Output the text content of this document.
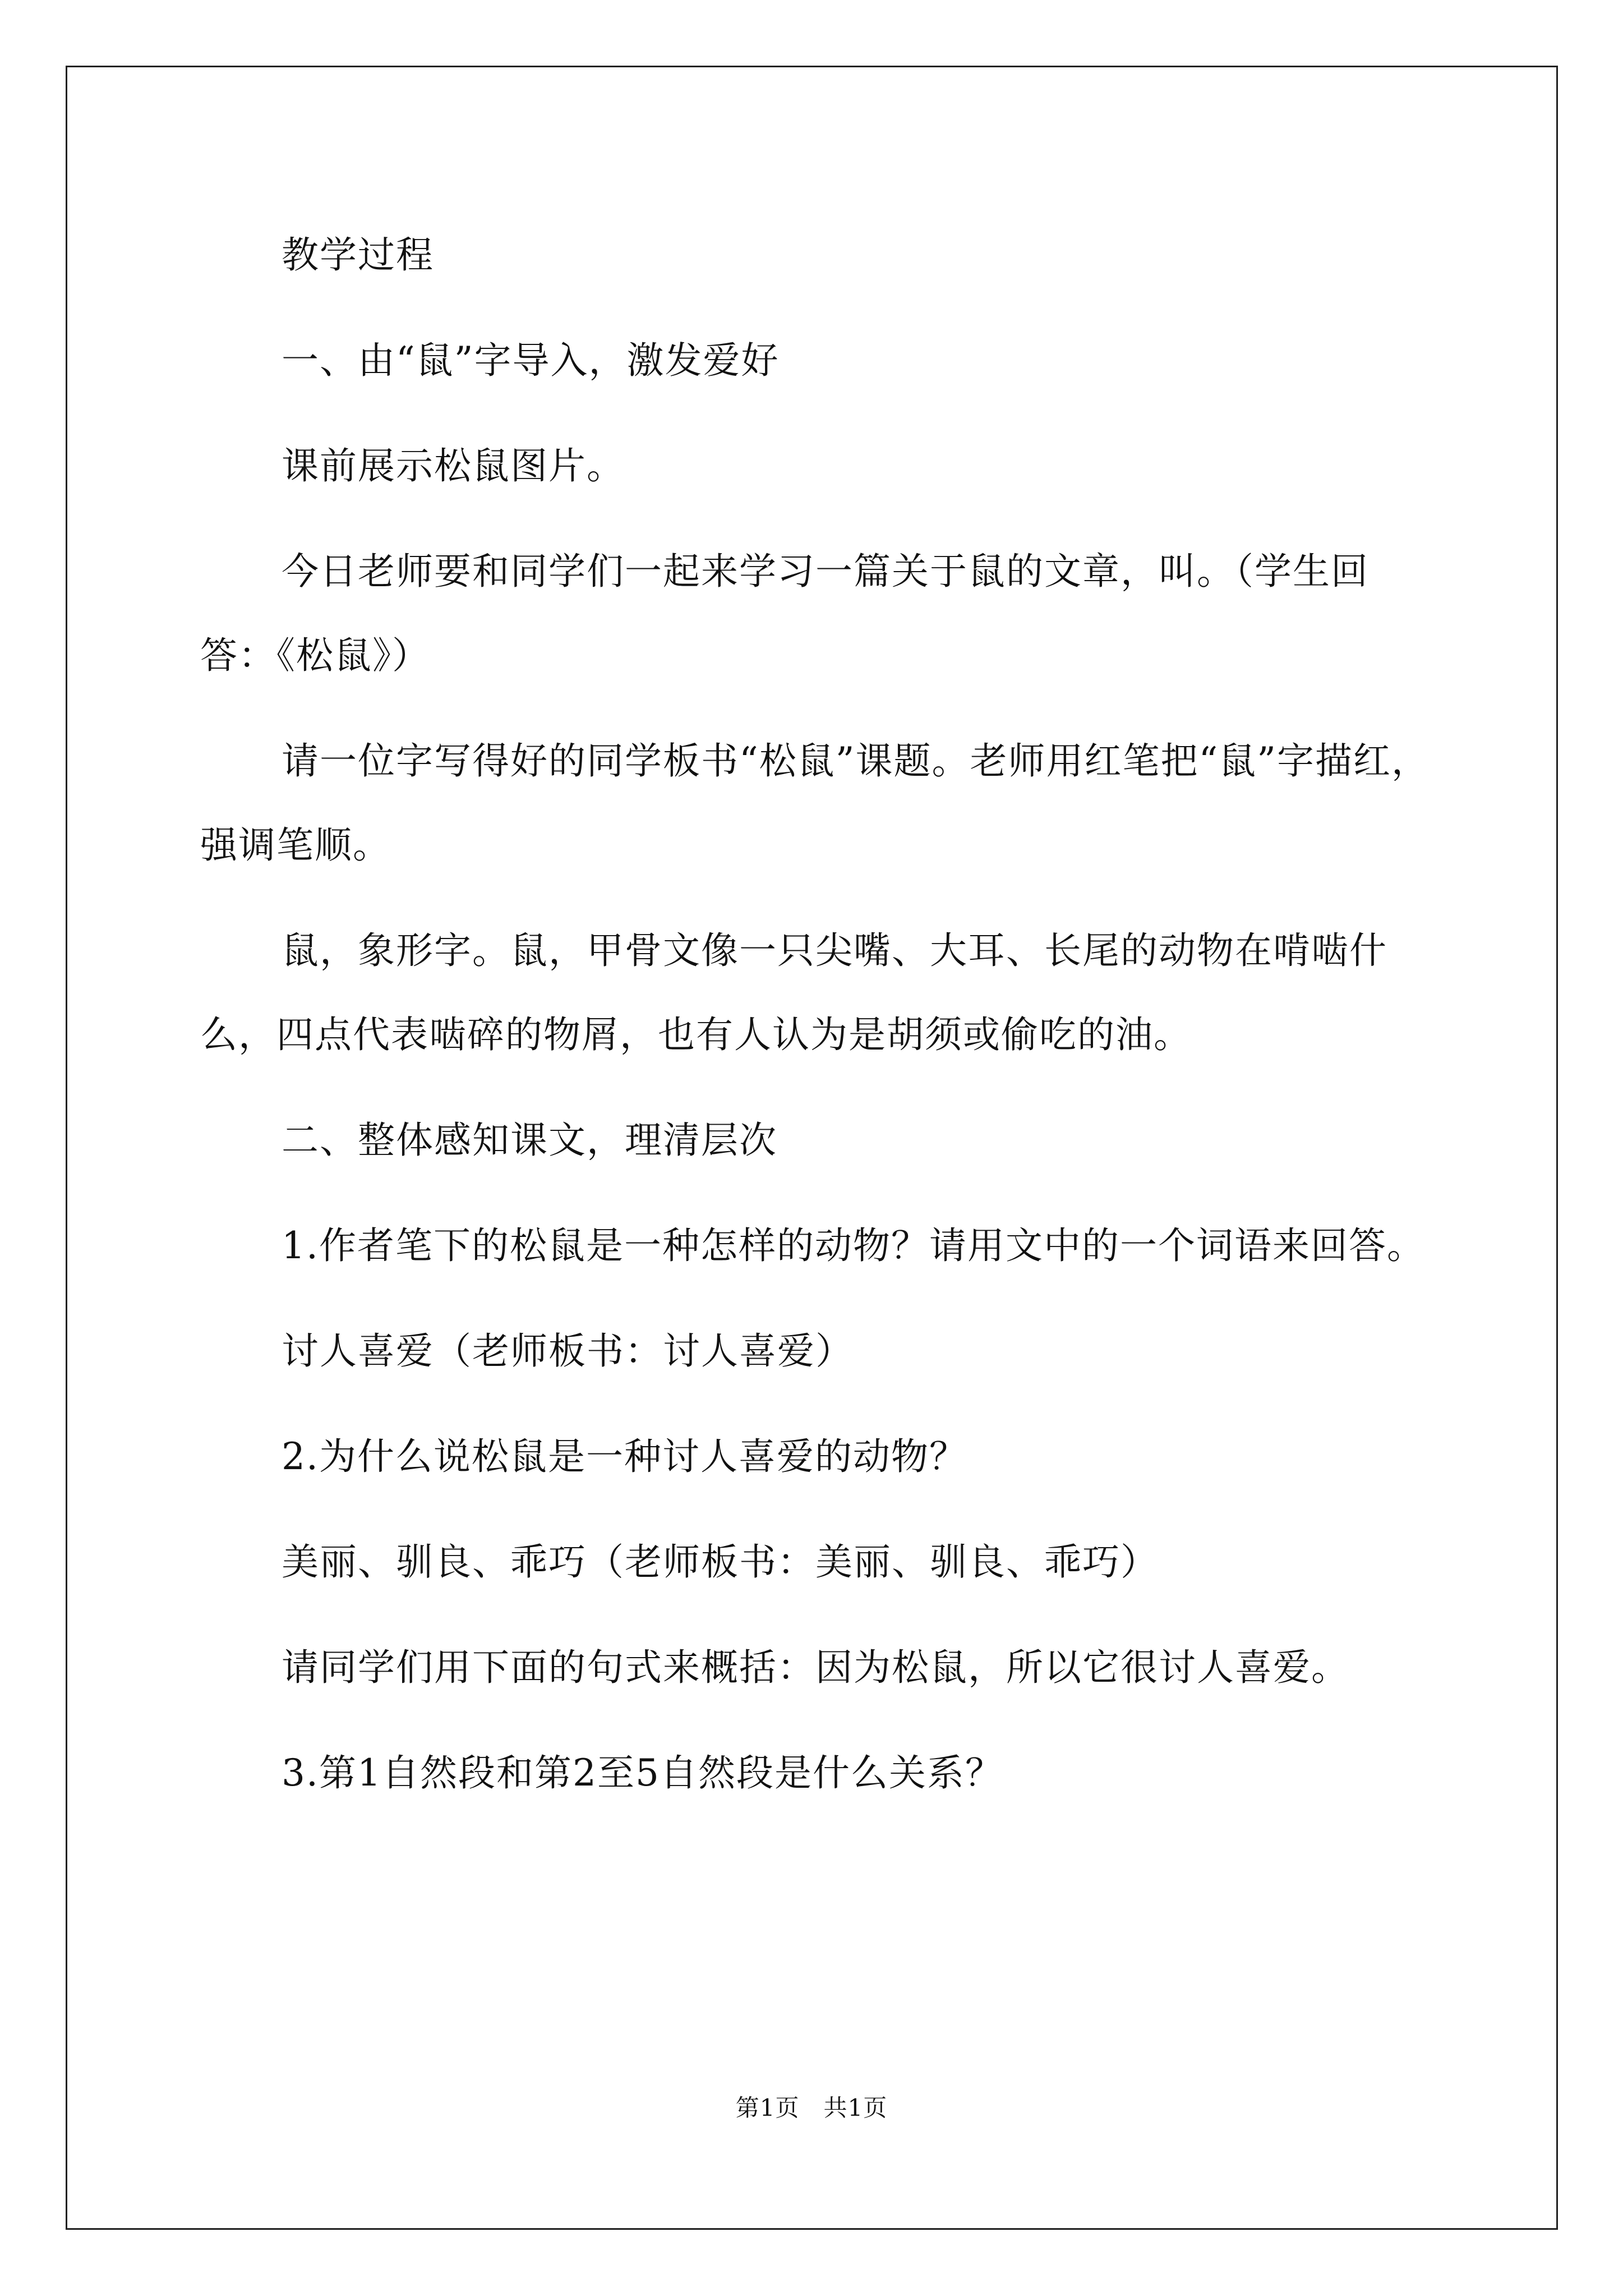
教学过程

一、由“鼠”字导入，激发爱好

课前展示松鼠图片。

今日老师要和同学们一起来学习一篇关于鼠的文章，叫。（学生回答：《松鼠》）

请一位字写得好的同学板书“松鼠”课题。老师用红笔把“鼠”字描红，强调笔顺。

鼠，象形字。鼠，甲骨文像一只尖嘴、大耳、长尾的动物在啃啮什么，四点代表啮碎的物屑，也有人认为是胡须或偷吃的油。

二、整体感知课文，理清层次

1.作者笔下的松鼠是一种怎样的动物？请用文中的一个词语来回答。

讨人喜爱（老师板书：讨人喜爱）

2.为什么说松鼠是一种讨人喜爱的动物？

美丽、驯良、乖巧（老师板书：美丽、驯良、乖巧）

请同学们用下面的句式来概括：因为松鼠，所以它很讨人喜爱。

3.第1自然段和第2至5自然段是什么关系？

第1页　共1页
